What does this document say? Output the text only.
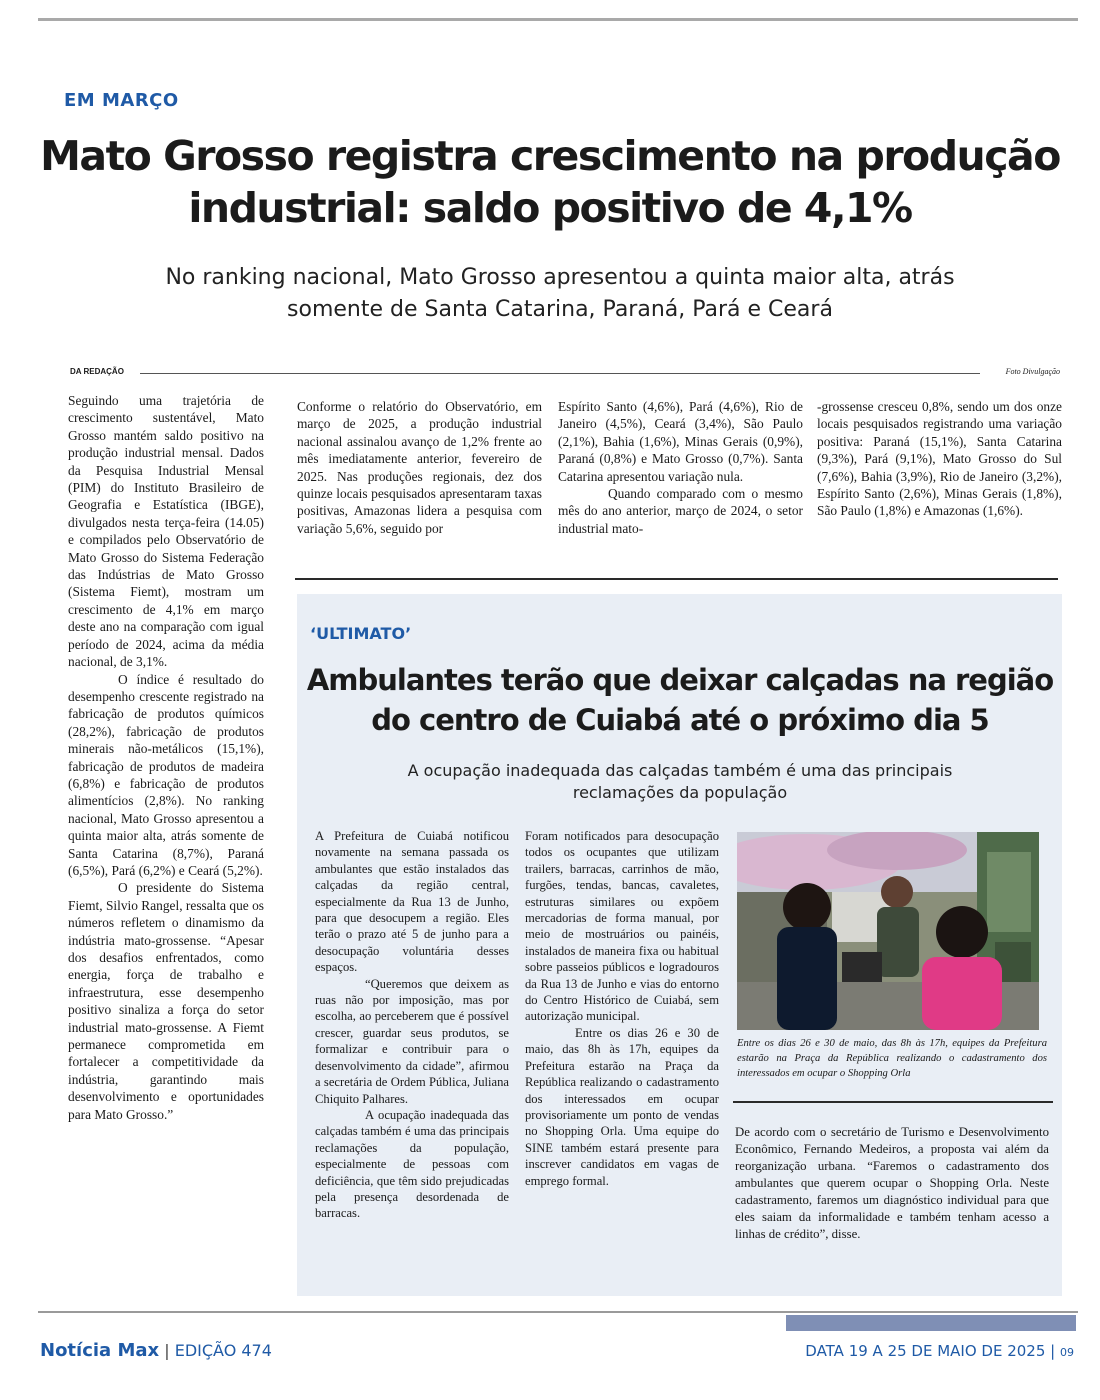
EM MARÇO
Mato Grosso registra crescimento na produção industrial: saldo positivo de 4,1%
No ranking nacional, Mato Grosso apresentou a quinta maior alta, atrás somente de Santa Catarina, Paraná, Pará e Ceará
DA REDAÇÃO	Foto Divulgação

Seguindo uma trajetória de crescimento sustentável, Mato Grosso mantém saldo positivo na produção industrial mensal. Dados da Pesquisa Industrial Mensal (PIM) do Instituto Brasileiro de Geografia e Estatística (IBGE), divulgados nesta terça-feira (14.05) e compilados pelo Observatório de Mato Grosso do Sistema Federação das Indústrias de Mato Grosso (Sistema Fiemt), mostram um crescimento de 4,1% em março deste ano na comparação com igual período de 2024, acima da média nacional, de 3,1%.

O índice é resultado do desempenho crescente registrado na fabricação de produtos químicos (28,2%), fabricação de produtos minerais não-metálicos (15,1%), fabricação de produtos de madeira (6,8%) e fabricação de produtos alimentícios (2,8%). No ranking nacional, Mato Grosso apresentou a quinta maior alta, atrás somente de Santa Catarina (8,7%), Paraná (6,5%), Pará (6,2%) e Ceará (5,2%).

O presidente do Sistema Fiemt, Silvio Rangel, ressalta que os números refletem o dinamismo da indústria mato-grossense. “Apesar dos desafios enfrentados, como energia, força de trabalho e infraestrutura, esse desempenho positivo sinaliza a força do setor industrial mato-grossense. A Fiemt permanece comprometida em fortalecer a competitividade da indústria, garantindo mais desenvolvimento e oportunidades para Mato Grosso.”

Conforme o relatório do Observatório, em março de 2025, a produção industrial nacional assinalou avanço de 1,2% frente ao mês imediatamente anterior, fevereiro de 2025. Nas produções regionais, dez dos quinze locais pesquisados apresentaram taxas positivas, Amazonas lidera a pesquisa com variação 5,6%, seguido por

Espírito Santo (4,6%), Pará (4,6%), Rio de Janeiro (4,5%), Ceará (3,4%), São Paulo (2,1%), Bahia (1,6%), Minas Gerais (0,9%), Paraná (0,8%) e Mato Grosso (0,7%). Santa Catarina apresentou variação nula.

Quando comparado com o mesmo mês do ano anterior, março de 2024, o setor industrial mato-

-grossense cresceu 0,8%, sendo um dos onze locais pesquisados registrando uma variação positiva: Paraná (15,1%), Santa Catarina (9,3%), Pará (9,1%), Mato Grosso do Sul (7,6%), Bahia (3,9%), Rio de Janeiro (3,2%), Espírito Santo (2,6%), Minas Gerais (1,8%), São Paulo (1,8%) e Amazonas (1,6%).

‘ULTIMATO’
Ambulantes terão que deixar calçadas na região do centro de Cuiabá até o próximo dia 5
A ocupação inadequada das calçadas também é uma das principais reclamações da população

A Prefeitura de Cuiabá notificou novamente na semana passada os ambulantes que estão instalados das calçadas da região central, especialmente da Rua 13 de Junho, para que desocupem a região. Eles terão o prazo até 5 de junho para a desocupação voluntária desses espaços.

“Queremos que deixem as ruas não por imposição, mas por escolha, ao perceberem que é possível crescer, guardar seus produtos, se formalizar e contribuir para o desenvolvimento da cidade”, afirmou a secretária de Ordem Pública, Juliana Chiquito Palhares.

A ocupação inadequada das calçadas também é uma das principais reclamações da população, especialmente de pessoas com deficiência, que têm sido prejudicadas pela presença desordenada de barracas.

Foram notificados para desocupação todos os ocupantes que utilizam trailers, barracas, carrinhos de mão, furgões, tendas, bancas, cavaletes, estruturas similares ou expõem mercadorias de forma manual, por meio de mostruários ou painéis, instalados de maneira fixa ou habitual sobre passeios públicos e logradouros da Rua 13 de Junho e vias do entorno do Centro Histórico de Cuiabá, sem autorização municipal.

Entre os dias 26 e 30 de maio, das 8h às 17h, equipes da Prefeitura estarão na Praça da República realizando o cadastramento dos interessados em ocupar provisoriamente um ponto de vendas no Shopping Orla. Uma equipe do SINE também estará presente para inscrever candidatos em vagas de emprego formal.

Entre os dias 26 e 30 de maio, das 8h às 17h, equipes da Prefeitura estarão na Praça da República realizando o cadastramento dos interessados em ocupar o Shopping Orla

De acordo com o secretário de Turismo e Desenvolvimento Econômico, Fernando Medeiros, a proposta vai além da reorganização urbana. “Faremos o cadastramento dos ambulantes que querem ocupar o Shopping Orla. Neste cadastramento, faremos um diagnóstico individual para que eles saiam da informalidade e também tenham acesso a linhas de crédito”, disse.

Notícia Max | EDIÇÃO 474	DATA 19 A 25 DE MAIO DE 2025 | 09
